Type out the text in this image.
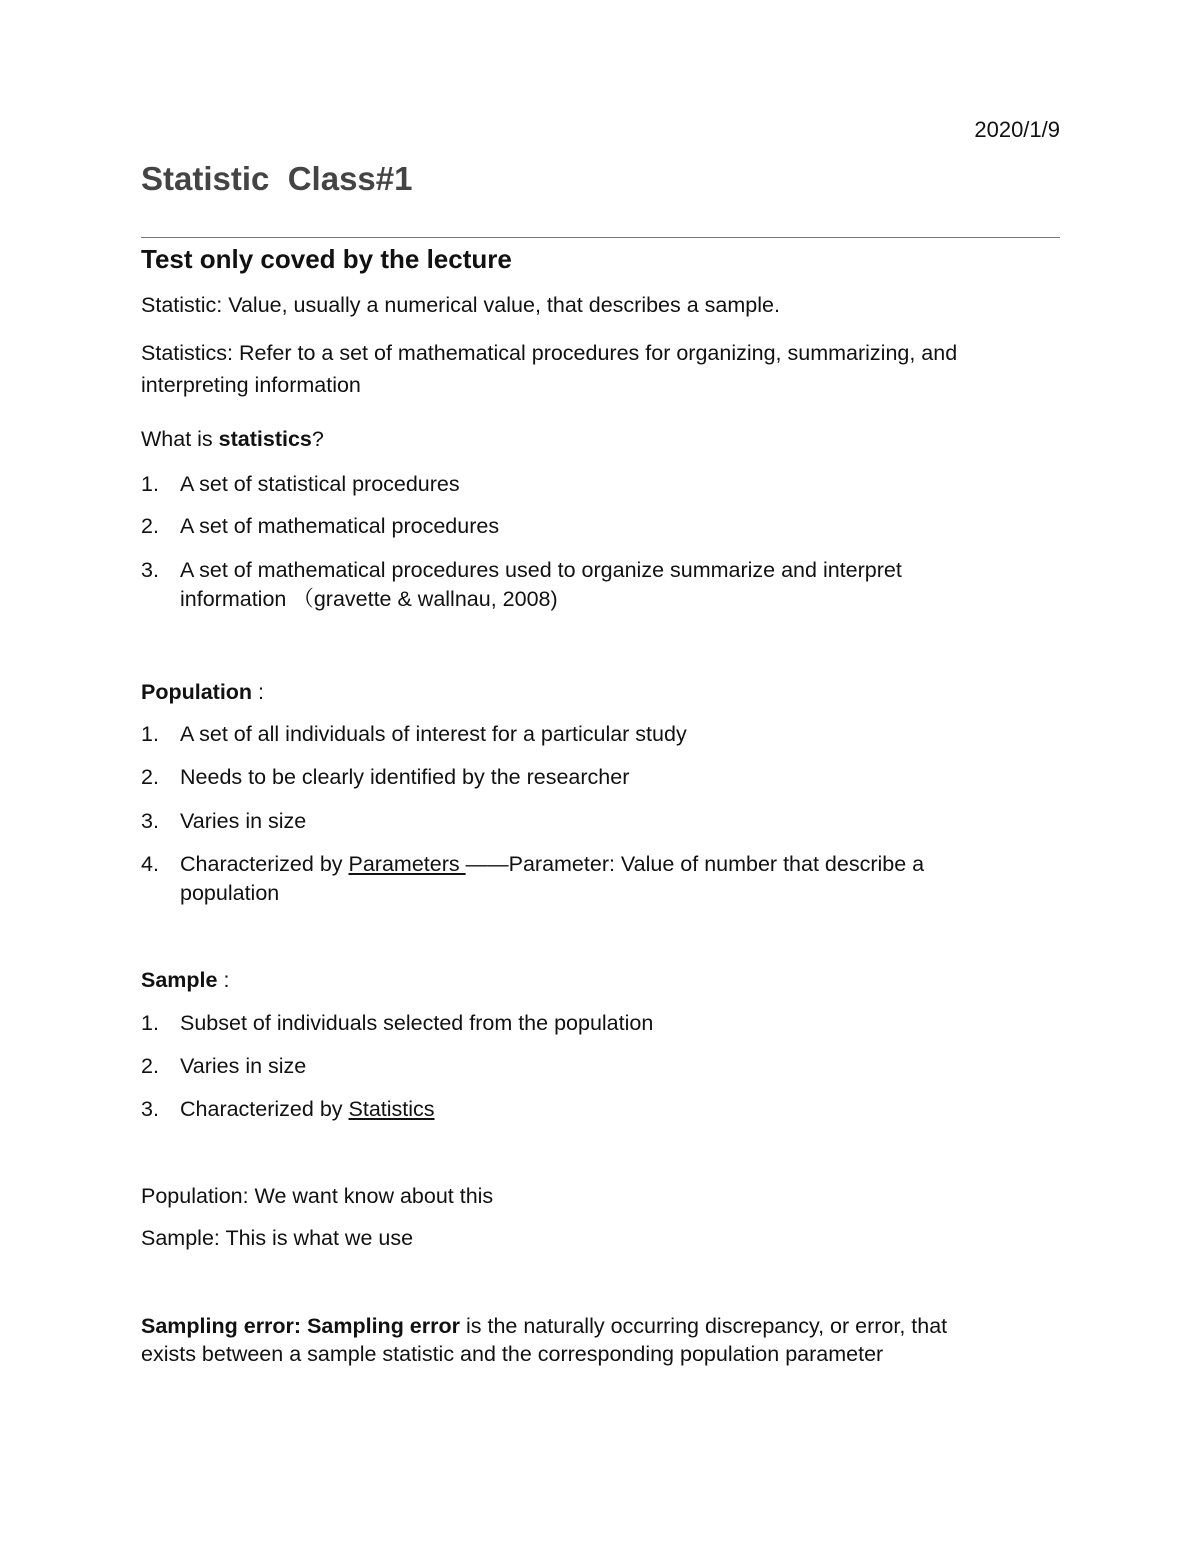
2020/1/9
Statistic  Class#1
Test only coved by the lecture

Statistic: Value, usually a numerical value, that describes a sample.

Statistics: Refer to a set of mathematical procedures for organizing, summarizing, and
interpreting information

What is statistics?

1. A set of statistical procedures
2. A set of mathematical procedures
3. A set of mathematical procedures used to organize summarize and interpret
information （gravette & wallnau, 2008)

Population :

1. A set of all individuals of interest for a particular study
2. Needs to be clearly identified by the researcher
3. Varies in size
4. Characterized by Parameters ——Parameter: Value of number that describe a
population

Sample :

1. Subset of individuals selected from the population
2. Varies in size
3. Characterized by Statistics

Population: We want know about this

Sample: This is what we use

Sampling error: Sampling error is the naturally occurring discrepancy, or error, that
exists between a sample statistic and the corresponding population parameter
